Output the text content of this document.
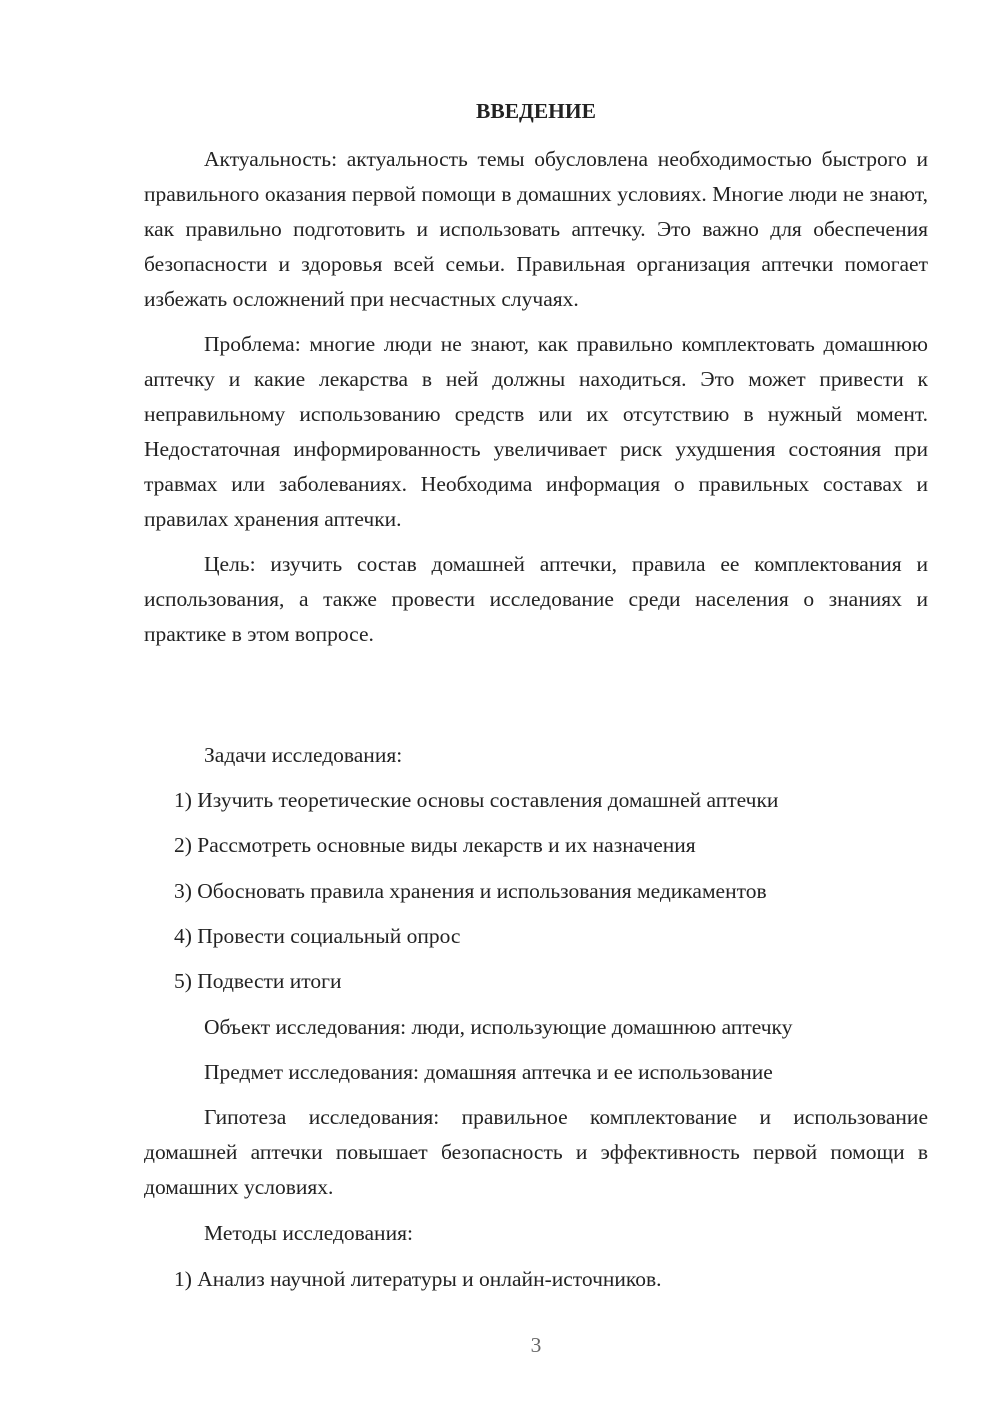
ВВЕДЕНИЕ

Актуальность: актуальность темы обусловлена необходимостью быстрого и правильного оказания первой помощи в домашних условиях. Многие люди не знают, как правильно подготовить и использовать аптечку. Это важно для обеспечения безопасности и здоровья всей семьи. Правильная организация аптечки помогает избежать осложнений при несчастных случаях.

Проблема: многие люди не знают, как правильно комплектовать домашнюю аптечку и какие лекарства в ней должны находиться. Это может привести к неправильному использованию средств или их отсутствию в нужный момент. Недостаточная информированность увеличивает риск ухудшения состояния при травмах или заболеваниях. Необходима информация о правильных составах и правилах хранения аптечки.

Цель: изучить состав домашней аптечки, правила ее комплектования и использования, а также провести исследование среди населения о знаниях и практике в этом вопросе.

Задачи исследования:
1) Изучить теоретические основы составления домашней аптечки
2) Рассмотреть основные виды лекарств и их назначения
3) Обосновать правила хранения и использования медикаментов
4) Провести социальный опрос
5) Подвести итоги
Объект исследования: люди, использующие домашнюю аптечку
Предмет исследования: домашняя аптечка и ее использование

Гипотеза исследования: правильное комплектование и использование домашней аптечки повышает безопасность и эффективность первой помощи в домашних условиях.

Методы исследования:
1) Анализ научной литературы и онлайн-источников.
3
